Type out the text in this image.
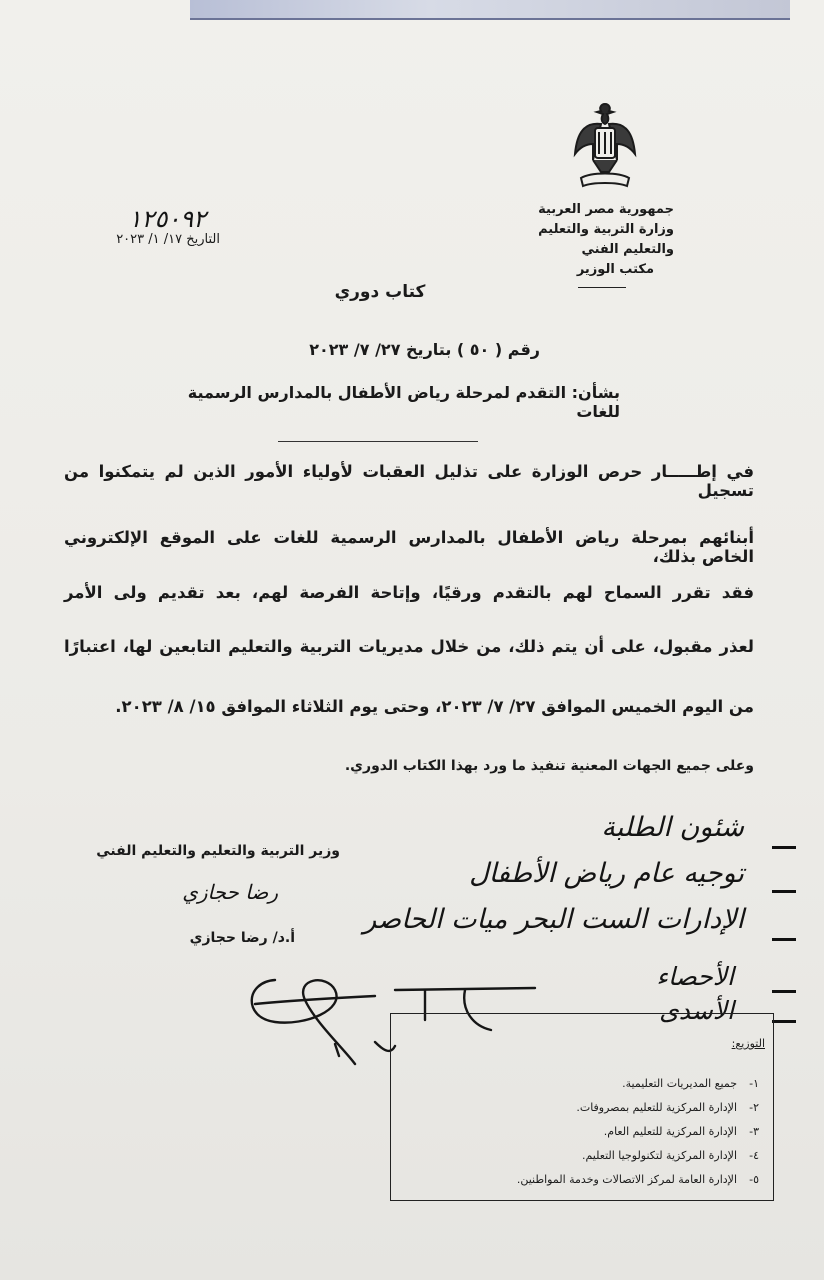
جمهورية مصر العربية
وزارة التربية والتعليم والتعليم الفني
مكتب الوزير
١٢٥٠٩٢
التاريخ ١٧/ ١/ ٢٠٢٣
كتاب دوري
رقم ( ٥٠ ) بتاريخ ٢٧/ ٧/ ٢٠٢٣
بشأن: التقدم لمرحلة رياض الأطفال بالمدارس الرسمية للغات
في إطـــــار حرص الوزارة على تذليل العقبات لأولياء الأمور الذين لم يتمكنوا من تسجيل
أبنائهم بمرحلة رياض الأطفال بالمدارس الرسمية للغات على الموقع الإلكتروني الخاص بذلك،
فقد تقرر السماح لهم بالتقدم ورقيًا، وإتاحة الفرصة لهم، بعد تقديم ولى الأمر
لعذر مقبول، على أن يتم ذلك، من خلال مديريات التربية والتعليم التابعين لها، اعتبارًا
من اليوم الخميس الموافق ٢٧/ ٧/ ٢٠٢٣، وحتى يوم الثلاثاء الموافق ١٥/ ٨/ ٢٠٢٣.
وعلى جميع الجهات المعنية تنفيذ ما ورد بهذا الكتاب الدوري.
وزير التربية والتعليم والتعليم الفني
رضا حجازي
أ.د/ رضا حجازي
شئون الطلبة
توجيه عام رياض الأطفال
الإدارات الست البحر ميات الحاصر
الأحصاء
الأسدى
التوزيع:
١-جميع المديريات التعليمية.
٢-الإدارة المركزية للتعليم بمصروفات.
٣-الإدارة المركزية للتعليم العام.
٤-الإدارة المركزية لتكنولوجيا التعليم.
٥-الإدارة العامة لمركز الاتصالات وخدمة المواطنين.
